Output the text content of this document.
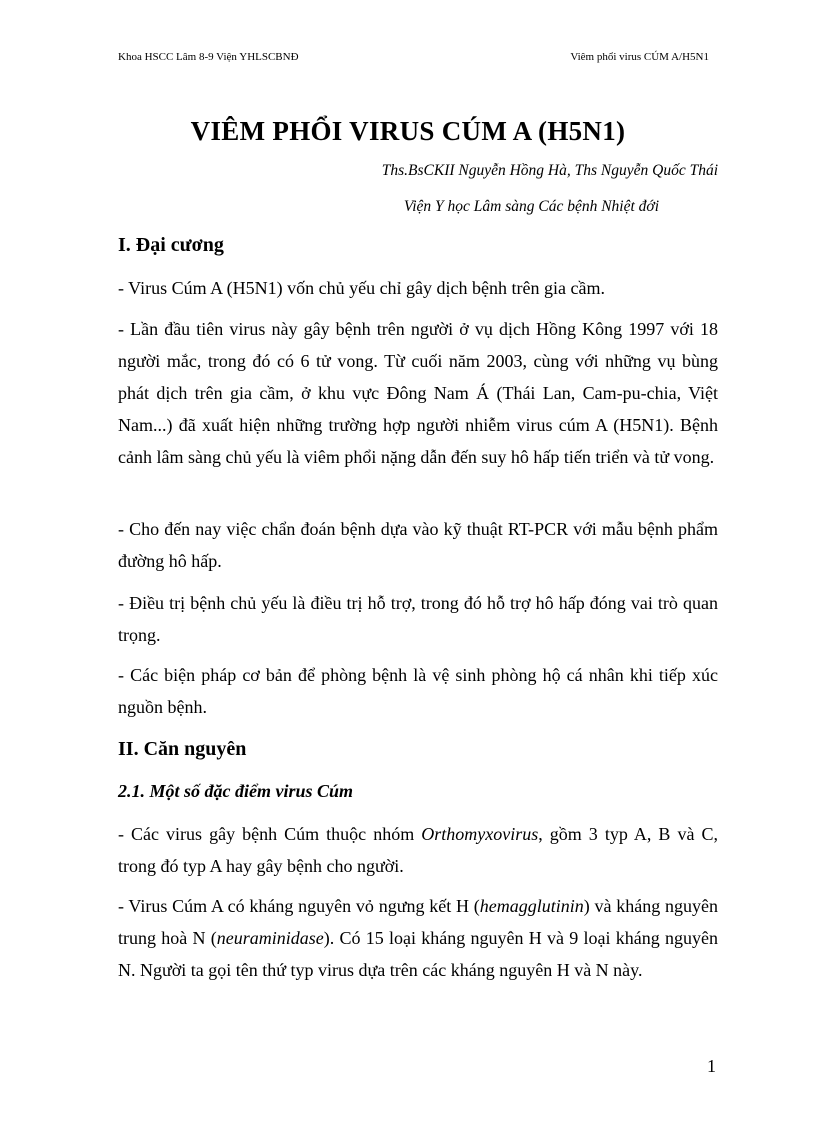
Khoa HSCC Lâm 8-9 Viện YHLSCBNĐ	Viêm phổi virus CÚM A/H5N1
VIÊM PHỔI VIRUS CÚM A (H5N1)
Ths.BsCKII Nguyễn Hồng Hà, Ths Nguyễn Quốc Thái
Viện Y học Lâm sàng Các bệnh Nhiệt đới
I. Đại cương

- Virus Cúm A (H5N1) vốn chủ yếu chỉ gây dịch bệnh trên gia cầm.

- Lần đầu tiên virus này gây bệnh trên người ở vụ dịch Hồng Kông 1997 với 18 người mắc, trong đó có 6 tử vong. Từ cuối năm 2003, cùng với những vụ bùng phát dịch trên gia cầm, ở khu vực Đông Nam Á (Thái Lan, Cam-pu-chia, Việt Nam...) đã xuất hiện những trường hợp người nhiễm virus cúm A (H5N1). Bệnh cảnh lâm sàng chủ yếu là viêm phổi nặng dẫn đến suy hô hấp tiến triển và tử vong.

- Cho đến nay việc chẩn đoán bệnh dựa vào kỹ thuật RT-PCR với mẫu bệnh phẩm đường hô hấp.

- Điều trị bệnh chủ yếu là điều trị hỗ trợ, trong đó hỗ trợ hô hấp đóng vai trò quan trọng.

- Các biện pháp cơ bản để phòng bệnh là vệ sinh phòng hộ cá nhân khi tiếp xúc nguồn bệnh.

II. Căn nguyên
2.1. Một số đặc điểm virus Cúm

- Các virus gây bệnh Cúm thuộc nhóm Orthomyxovirus, gồm 3 typ A, B và C, trong đó typ A hay gây bệnh cho người.

- Virus Cúm A có kháng nguyên vỏ ngưng kết H (hemagglutinin) và kháng nguyên trung hoà N (neuraminidase). Có 15 loại kháng nguyên H và 9 loại kháng nguyên N. Người ta gọi tên thứ typ virus dựa trên các kháng nguyên H và N này.

1
